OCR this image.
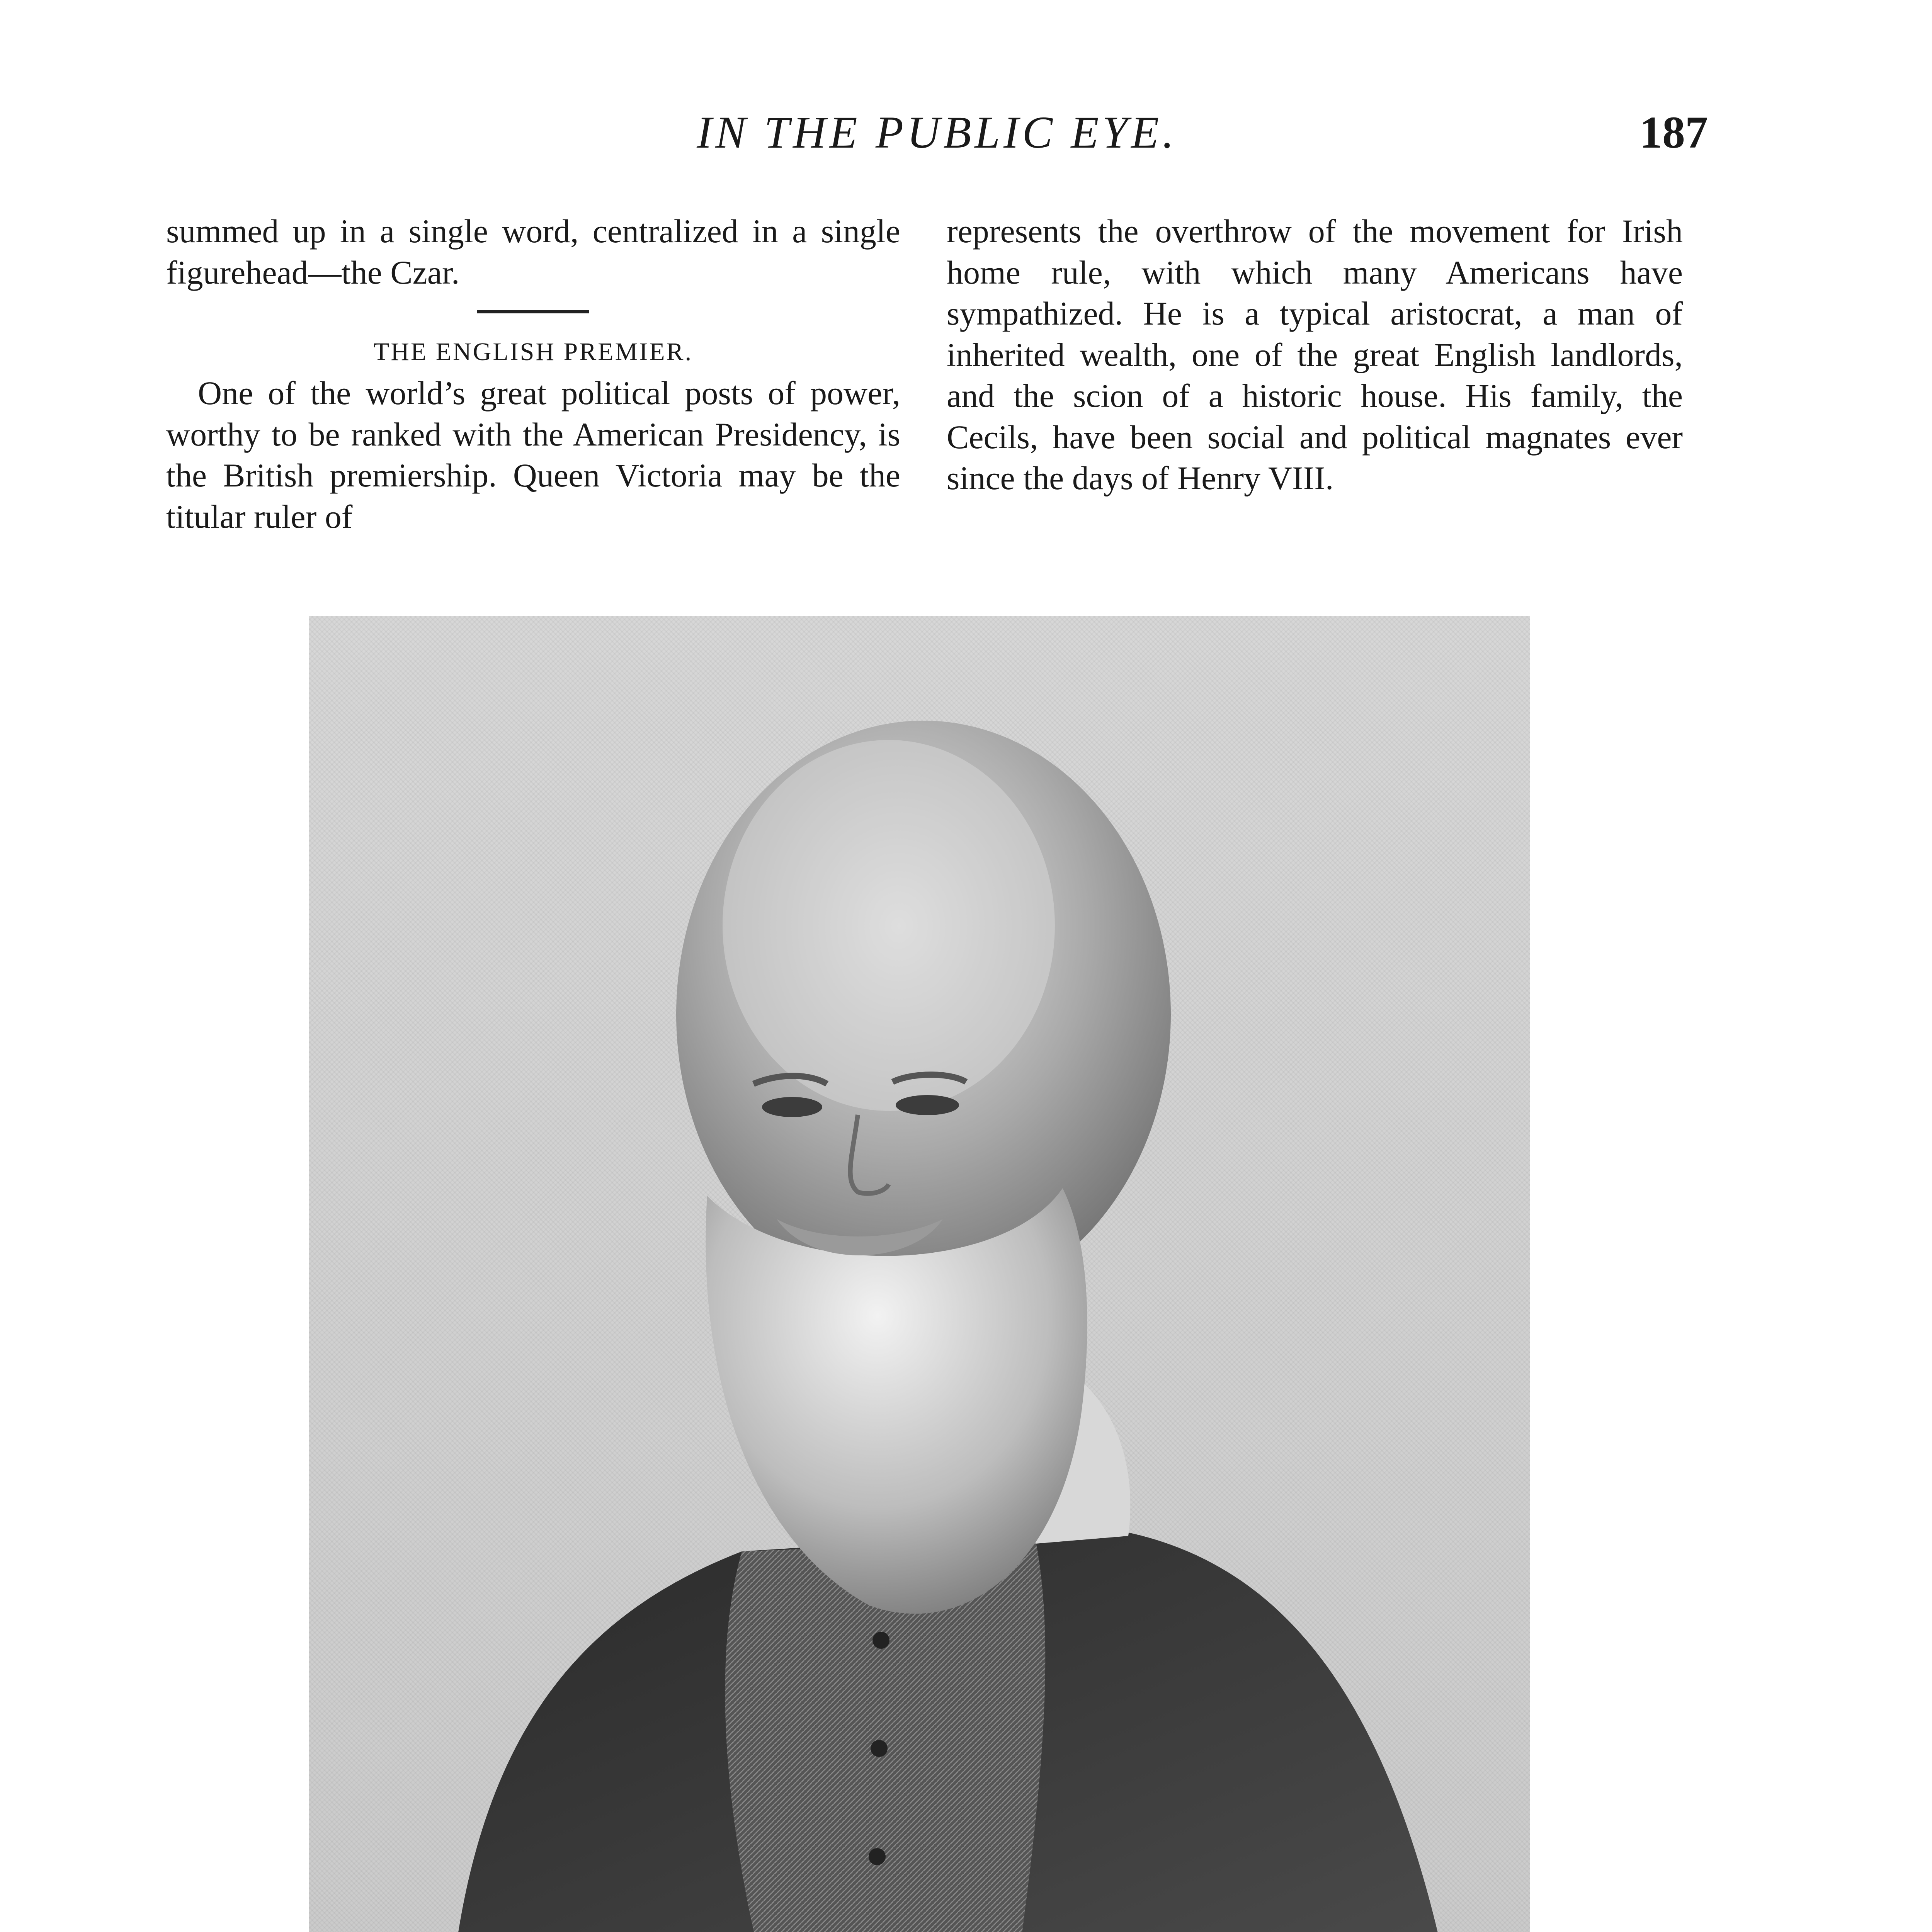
IN THE PUBLIC EYE.	187

summed up in a single word, centralized in a single figurehead—the Czar.

THE ENGLISH PREMIER.

One of the world’s great political posts of power, worthy to be ranked with the American Presidency, is the British premiership. Queen Victoria may be the titular ruler of

represents the overthrow of the movement for Irish home rule, with which many Americans have sympathized. He is a typical aristocrat, a man of inherited wealth, one of the great English landlords, and the scion of a historic house. His family, the Cecils, have been social and political magnates ever since the days of Henry VIII.
